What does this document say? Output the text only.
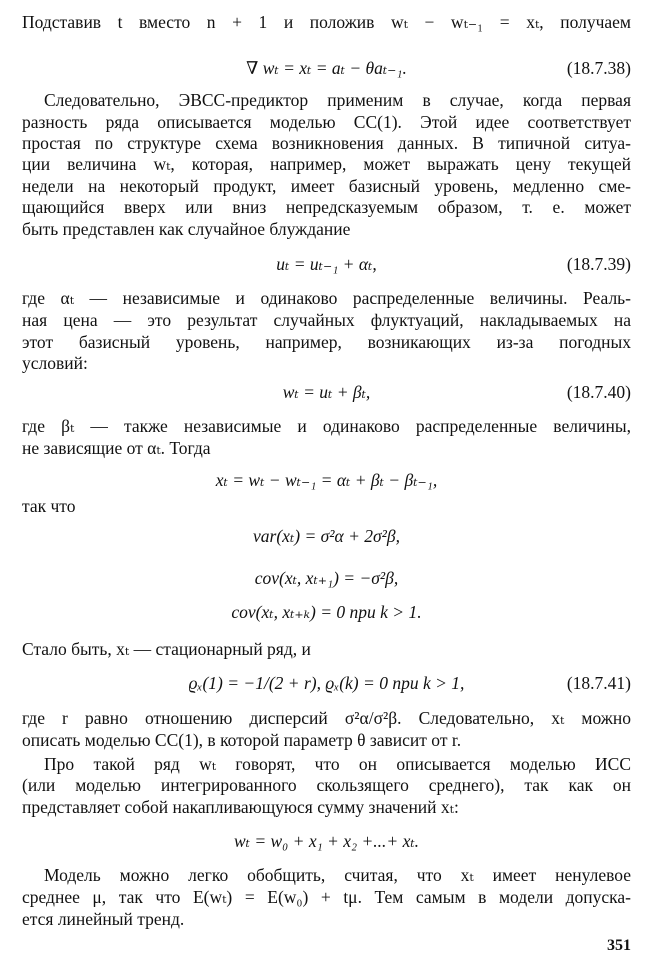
Подставив t вместо n + 1 и положив wₜ − wₜ₋₁ = xₜ, получаем
∇ wₜ = xₜ = aₜ − θaₜ₋₁.	(18.7.38)
Следовательно, ЭВСС-предиктор применим в случае, когда первая
разность ряда описывается моделью СС(1). Этой идее соответствует
простая по структуре схема возникновения данных. В типичной ситуа-
ции величина wₜ, которая, например, может выражать цену текущей
недели на некоторый продукт, имеет базисный уровень, медленно сме-
щающийся вверх или вниз непредсказуемым образом, т. е. может
быть представлен как случайное блуждание
uₜ = uₜ₋₁ + αₜ,	(18.7.39)
где αₜ — независимые и одинаково распределенные величины. Реаль-
ная цена — это результат случайных флуктуаций, накладываемых на
этот базисный уровень, например, возникающих из-за погодных
условий:
wₜ = uₜ + βₜ,	(18.7.40)
где βₜ — также независимые и одинаково распределенные величины,
не зависящие от αₜ. Тогда
xₜ = wₜ − wₜ₋₁ = αₜ + βₜ − βₜ₋₁,
так что
var(xₜ) = σ²α + 2σ²β,
cov(xₜ, xₜ₊₁) = −σ²β,
cov(xₜ, xₜ₊ₖ) = 0 при k > 1.
Стало быть, xₜ — стационарный ряд, и
ϱₓ(1) = −1/(2 + r), ϱₓ(k) = 0 при k > 1,	(18.7.41)
где r равно отношению дисперсий σ²α/σ²β. Следовательно, xₜ можно
описать моделью СС(1), в которой параметр θ зависит от r.
Про такой ряд wₜ говорят, что он описывается моделью ИСС
(или моделью интегрированного скользящего среднего), так как он
представляет собой накапливающуюся сумму значений xₜ:
wₜ = w₀ + x₁ + x₂ +...+ xₜ.
Модель можно легко обобщить, считая, что xₜ имеет ненулевое
среднее μ, так что E(wₜ) = E(w₀) + tμ. Тем самым в модели допуска-
ется линейный тренд.
351
